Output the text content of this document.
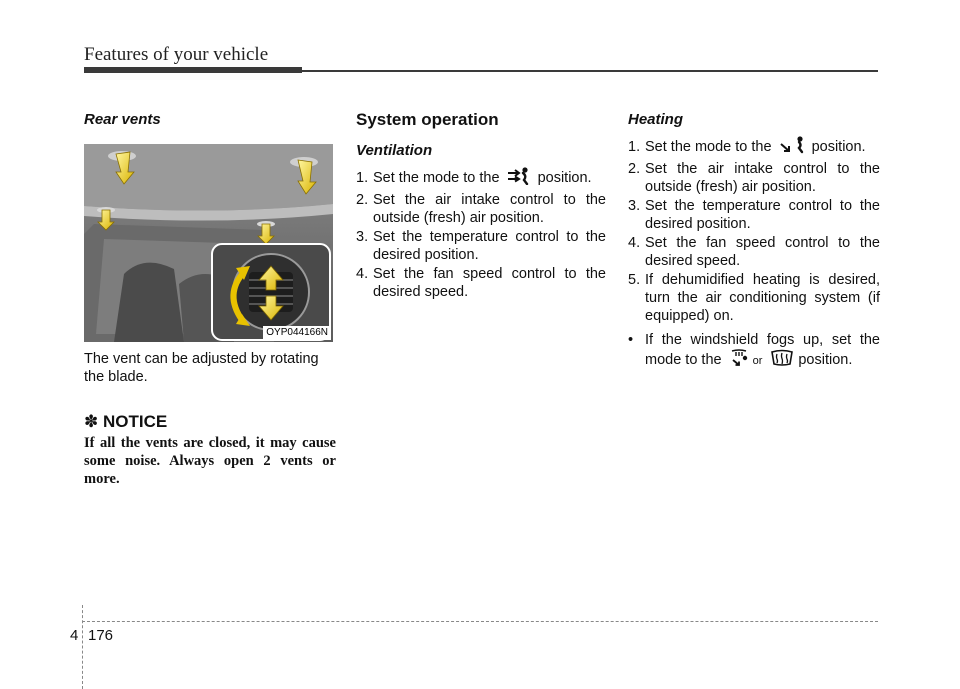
Features of your vehicle
Rear vents
OYP044166N

The vent can be adjusted by rotating the blade.

✽ NOTICE

If all the vents are closed, it may cause some noise. Always open 2 vents or more.

System operation
Ventilation
1. Set the mode to the	position.
2. Set the air intake control to the outside (fresh) air position.
3. Set the temperature control to the desired position.
4. Set the fan speed control to the desired speed.
Heating
1. Set the mode to the	position.
2. Set the air intake control to the outside (fresh) air position.
3. Set the temperature control to the desired position.
4. Set the fan speed control to the desired speed.
5. If dehumidified heating is desired, turn the air conditioning system (if equipped) on.
• If the windshield fogs up, set the mode to the	or position.
4 176
